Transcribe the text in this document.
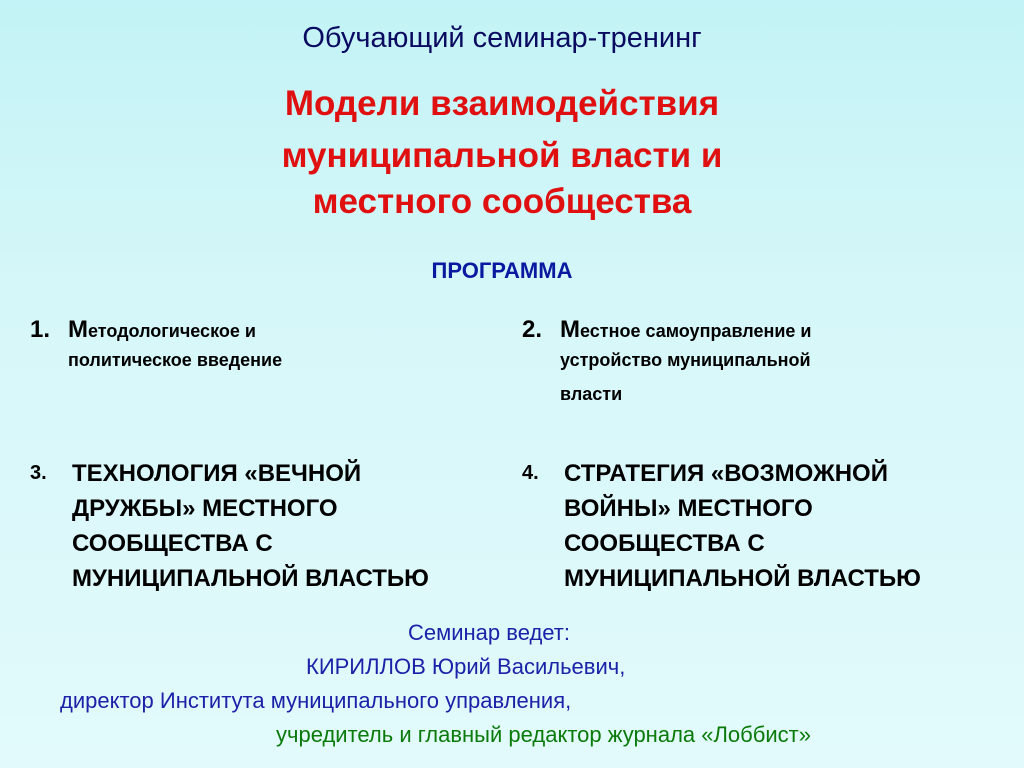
Обучающий семинар-тренинг
Модели взаимодействия
муниципальной власти и
местного сообщества
ПРОГРАММА
1. Методологическое и
политическое введение
2. Местное самоуправление и
устройство муниципальной
власти
3. ТЕХНОЛОГИЯ «ВЕЧНОЙ
ДРУЖБЫ» МЕСТНОГО
СООБЩЕСТВА С
МУНИЦИПАЛЬНОЙ ВЛАСТЬЮ
4. СТРАТЕГИЯ «ВОЗМОЖНОЙ
ВОЙНЫ» МЕСТНОГО
СООБЩЕСТВА С
МУНИЦИПАЛЬНОЙ ВЛАСТЬЮ
Семинар ведет:
КИРИЛЛОВ Юрий Васильевич,
директор Института муниципального управления,
учредитель и главный редактор журнала «Лоббист»
